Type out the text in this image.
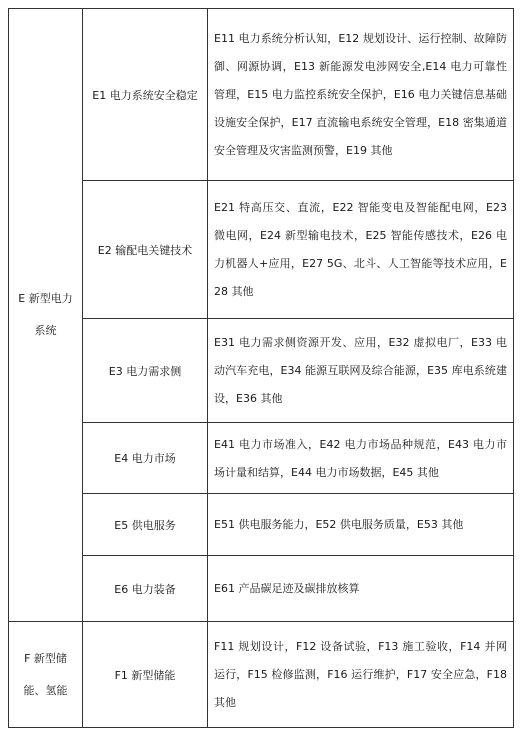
E 新型电力系统	E1 电力系统安全稳定	E11 电力系统分析认知，E12 规划设计、运行控制、故障防御、网源协调，E13 新能源发电涉网安全,E14 电力可靠性管理，E15 电力监控系统安全保护，E16 电力关键信息基础设施安全保护，E17 直流输电系统安全管理，E18 密集通道安全管理及灾害监测预警，E19 其他

	E2 输配电关键技术	E21 特高压交、直流，E22 智能变电及智能配电网，E23 微电网，E24 新型输电技术，E25 智能传感技术，E26 电力机器人+应用，E27 5G、北斗、人工智能等技术应用，E28 其他

	E3 电力需求侧	E31 电力需求侧资源开发、应用，E32 虚拟电厂，E33 电动汽车充电，E34 能源互联网及综合能源，E35 库电系统建设，E36 其他

	E4 电力市场	E41 电力市场准入，E42 电力市场品种规范，E43 电力市场计量和结算，E44 电力市场数据，E45 其他

	E5 供电服务	E51 供电服务能力，E52 供电服务质量，E53 其他

	E6 电力装备	E61 产品碳足迹及碳排放核算

F 新型储能、氢能	F1 新型储能	F11 规划设计，F12 设备试验，F13 施工验收，F14 并网运行，F15 检修监测，F16 运行维护，F17 安全应急，F18 其他
